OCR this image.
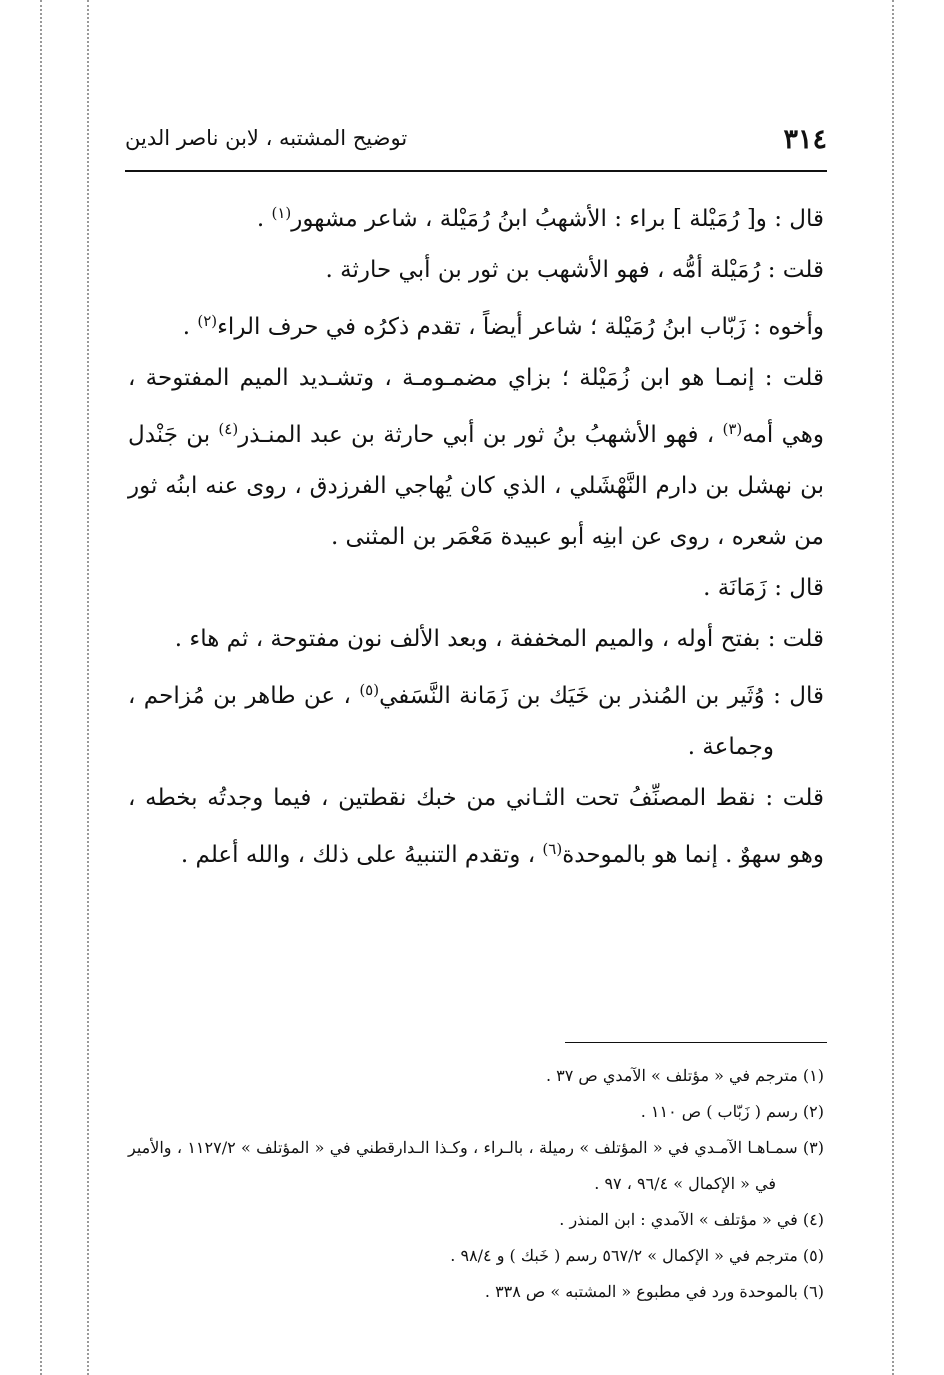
٣١٤
توضيح المشتبه ، لابن ناصر الدين

قال : و[ رُمَيْلة ] براء : الأشهبُ ابنُ رُمَيْلة ، شاعر مشهور$^{(١)}$ .

قلت : رُمَيْلة أمُّه ، فهو الأشهب بن ثور بن أبي حارثة .

وأخوه : زَبّاب ابنُ رُمَيْلة ؛ شاعر أيضاً ، تقدم ذكرُه في حرف الراء$^{(٢)}$ .

قلت : إنمـا هو ابن زُمَيْلة ؛ بزاي مضمـومـة ، وتشـديد الميم المفتوحة ، وهي أمه$^{(٣)}$ ، فهو الأشهبُ بنُ ثور بن أبي حارثة بن عبد المنـذر$^{(٤)}$ بن جَنْدل بن نهشل بن دارم النَّهْشَلي ، الذي كان يُهاجي الفرزدق ، روى عنه ابنُه ثور من شعره ، روى عن ابنِه أبو عبيدة مَعْمَر بن المثنى .

قال : زَمَانَة .

قلت : بفتح أوله ، والميم المخففة ، وبعد الألف نون مفتوحة ، ثم هاء .

قال : وُثَير بن المُنذر بن خَيَك بن زَمَانة النَّسَفي$^{(٥)}$ ، عن طاهر بن مُزاحم ، وجماعة .

قلت : نقط المصنِّفُ تحت الثـاني من خبك نقطتين ، فيما وجدتُه بخطه ، وهو سهوٌ . إنما هو بالموحدة$^{(٦)}$ ، وتقدم التنبيهُ على ذلك ، والله أعلم .

(١) مترجم في « مؤتلف » الآمدي ص ٣٧ .

(٢) رسم ( زَبّاب ) ص ١١٠ .

(٣) سمـاهـا الآمـدي في « المؤتلف » رميلة ، بالـراء ، وكـذا الـدارقطني في « المؤتلف » ١١٢٧/٢ ، والأمير في « الإكمال » ٩٦/٤ ، ٩٧ .

(٤) في « مؤتلف » الآمدي : ابن المنذر .

(٥) مترجم في « الإكمال » ٥٦٧/٢ رسم ( خَبك ) و ٩٨/٤ .

(٦) بالموحدة ورد في مطبوع « المشتبه » ص ٣٣٨ .
